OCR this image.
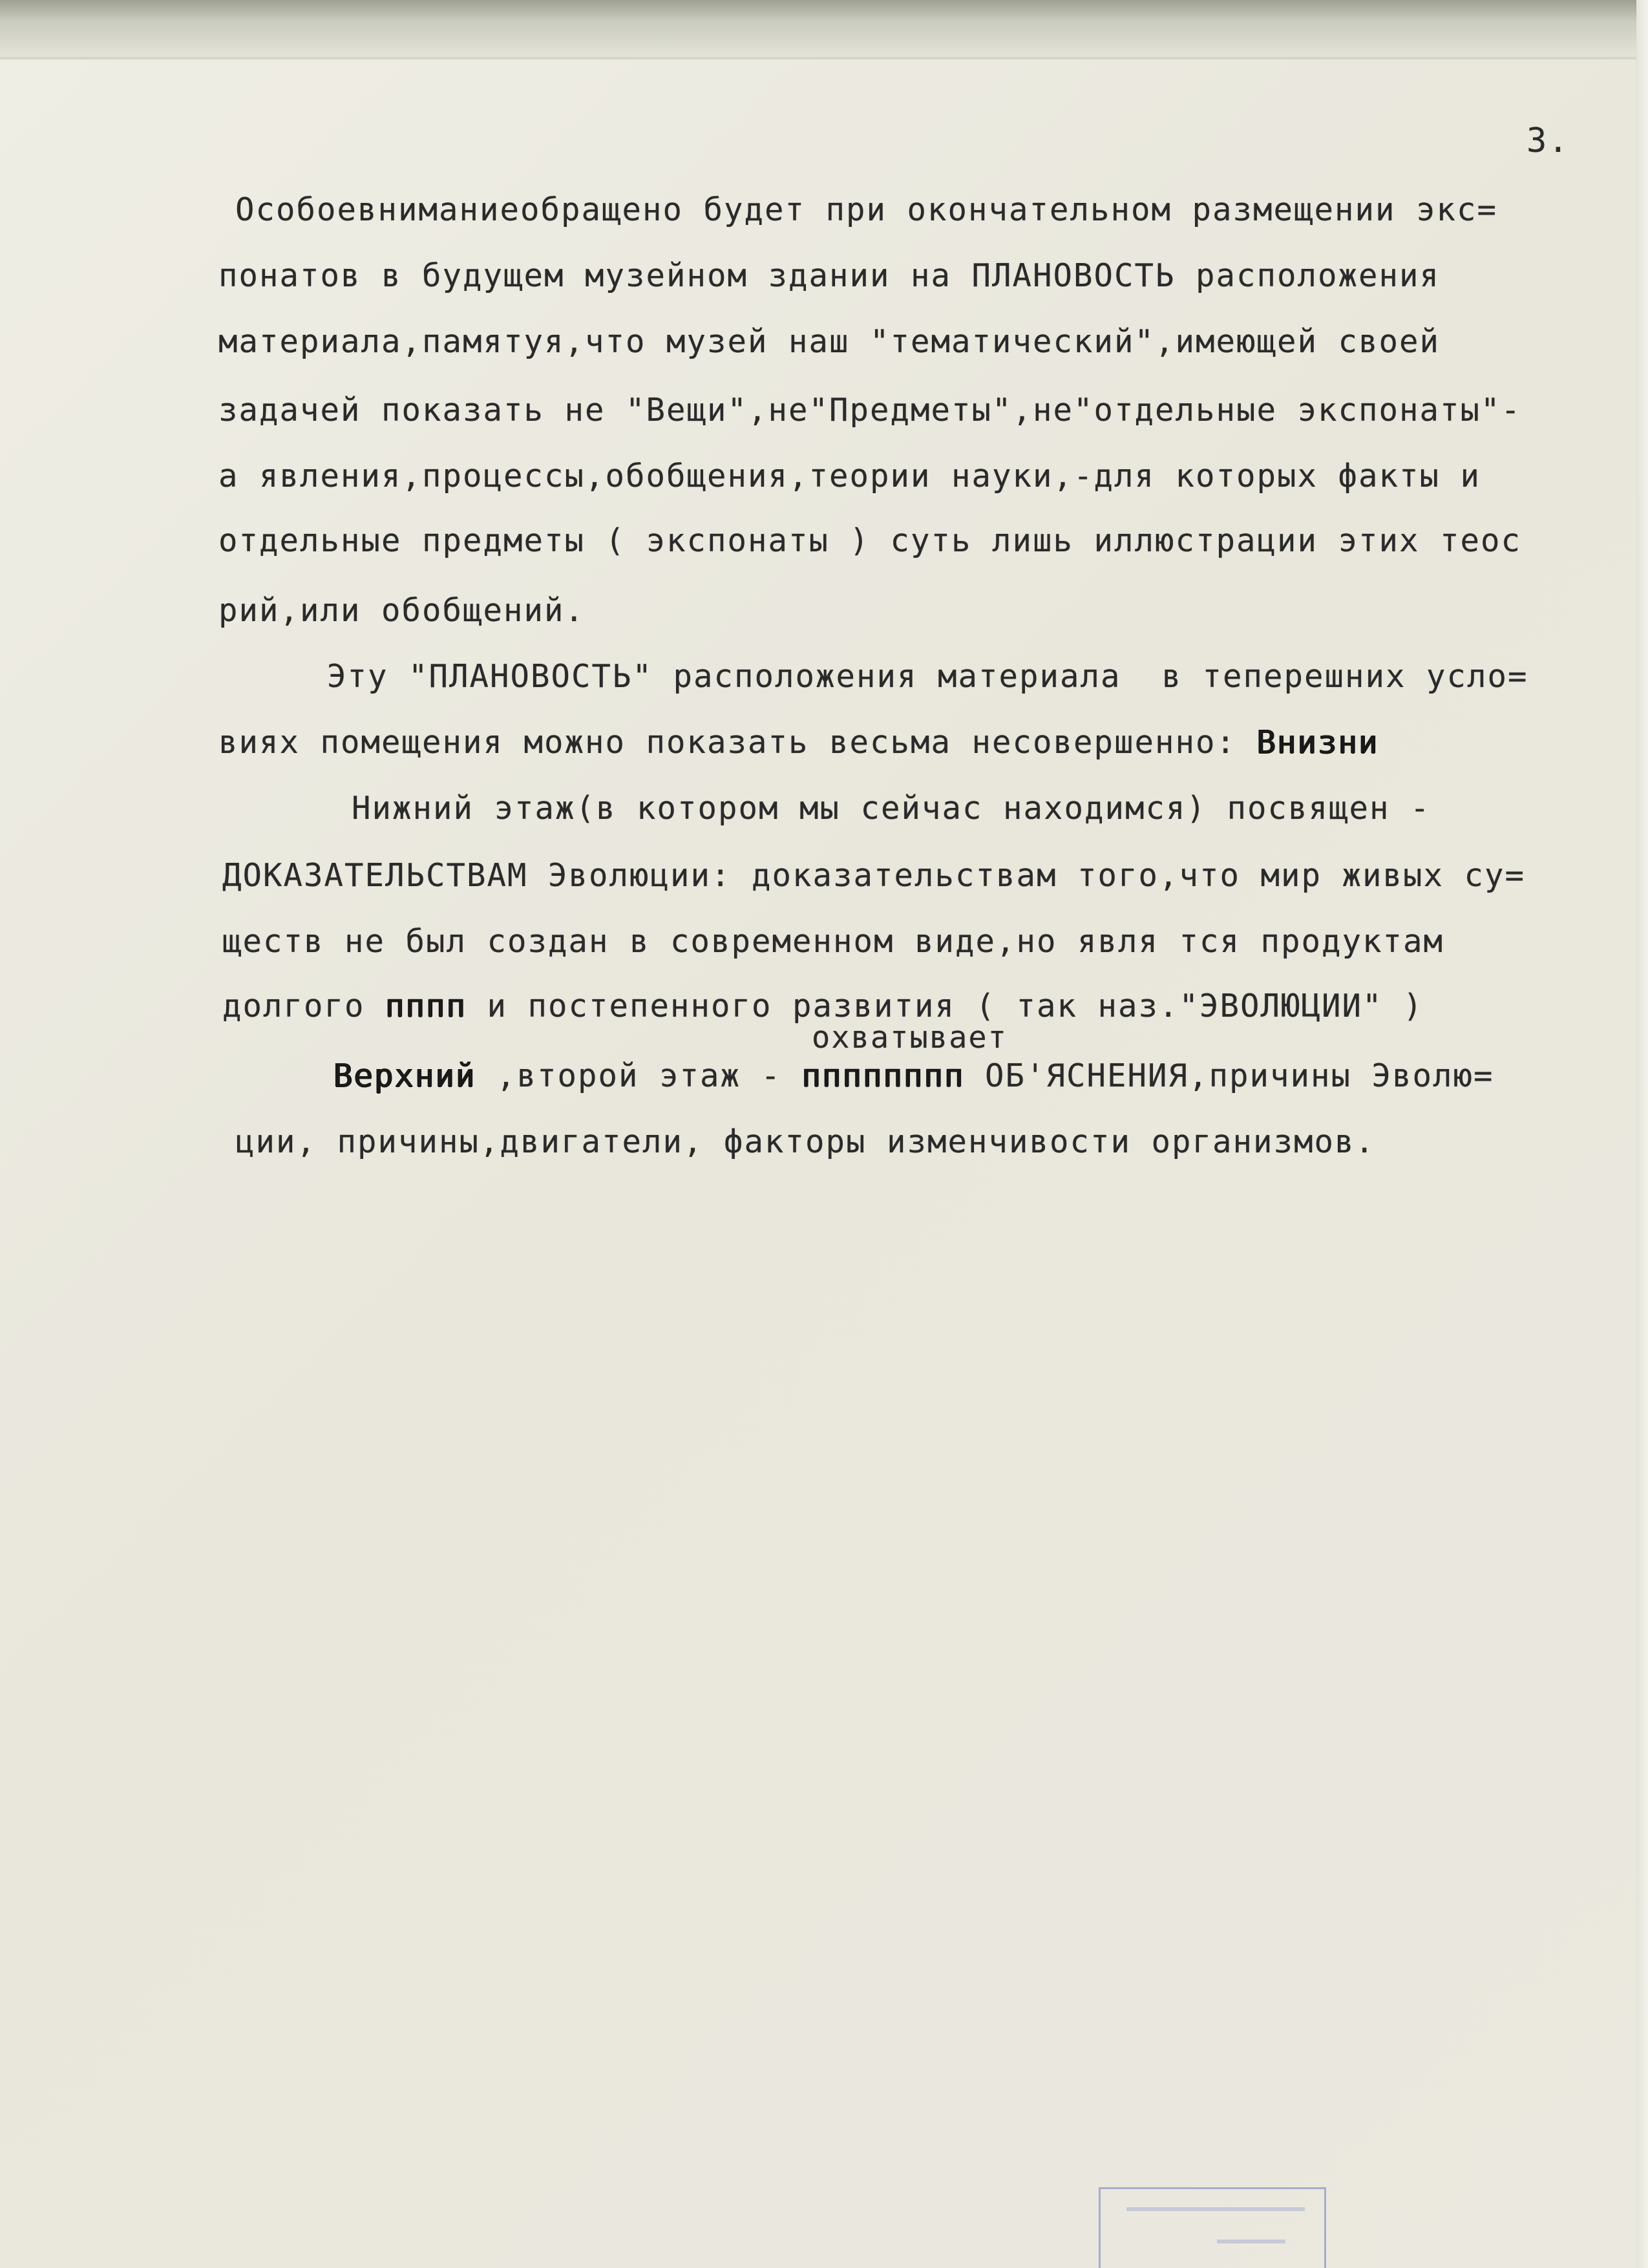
3.
Особоевниманиеобращено будет при окончательном размещении экс=
понатов в будущем музейном здании на ПЛАНОВОСТЬ расположения
материала,памятуя,что музей наш "тематический",имеющей своей
задачей показать не "Вещи",не"Предметы",не"отдельные экспонаты"-
а явления,процессы,обобщения,теории науки,-для которых факты и
отдельные предметы ( экспонаты ) суть лишь иллюстрации этих теос
рий,или обобщений.
Эту "ПЛАНОВОСТЬ" расположения материала  в теперешних усло=
виях помещения можно показать весьма несовершенно: Внизни
Нижний этаж(в котором мы сейчас находимся) посвящен -
ДОКАЗАТЕЛЬСТВАМ Эволюции: доказательствам того,что мир живых су=
ществ не был создан в современном виде,но явля тся продуктам
долгого пппп и постепенного развития ( так наз."ЭВОЛЮЦИИ" )
охватывает
Верхний ,второй этаж - пппппппп ОБ'ЯСНЕНИЯ,причины Эволю=
ции, причины,двигатели, факторы изменчивости организмов.
